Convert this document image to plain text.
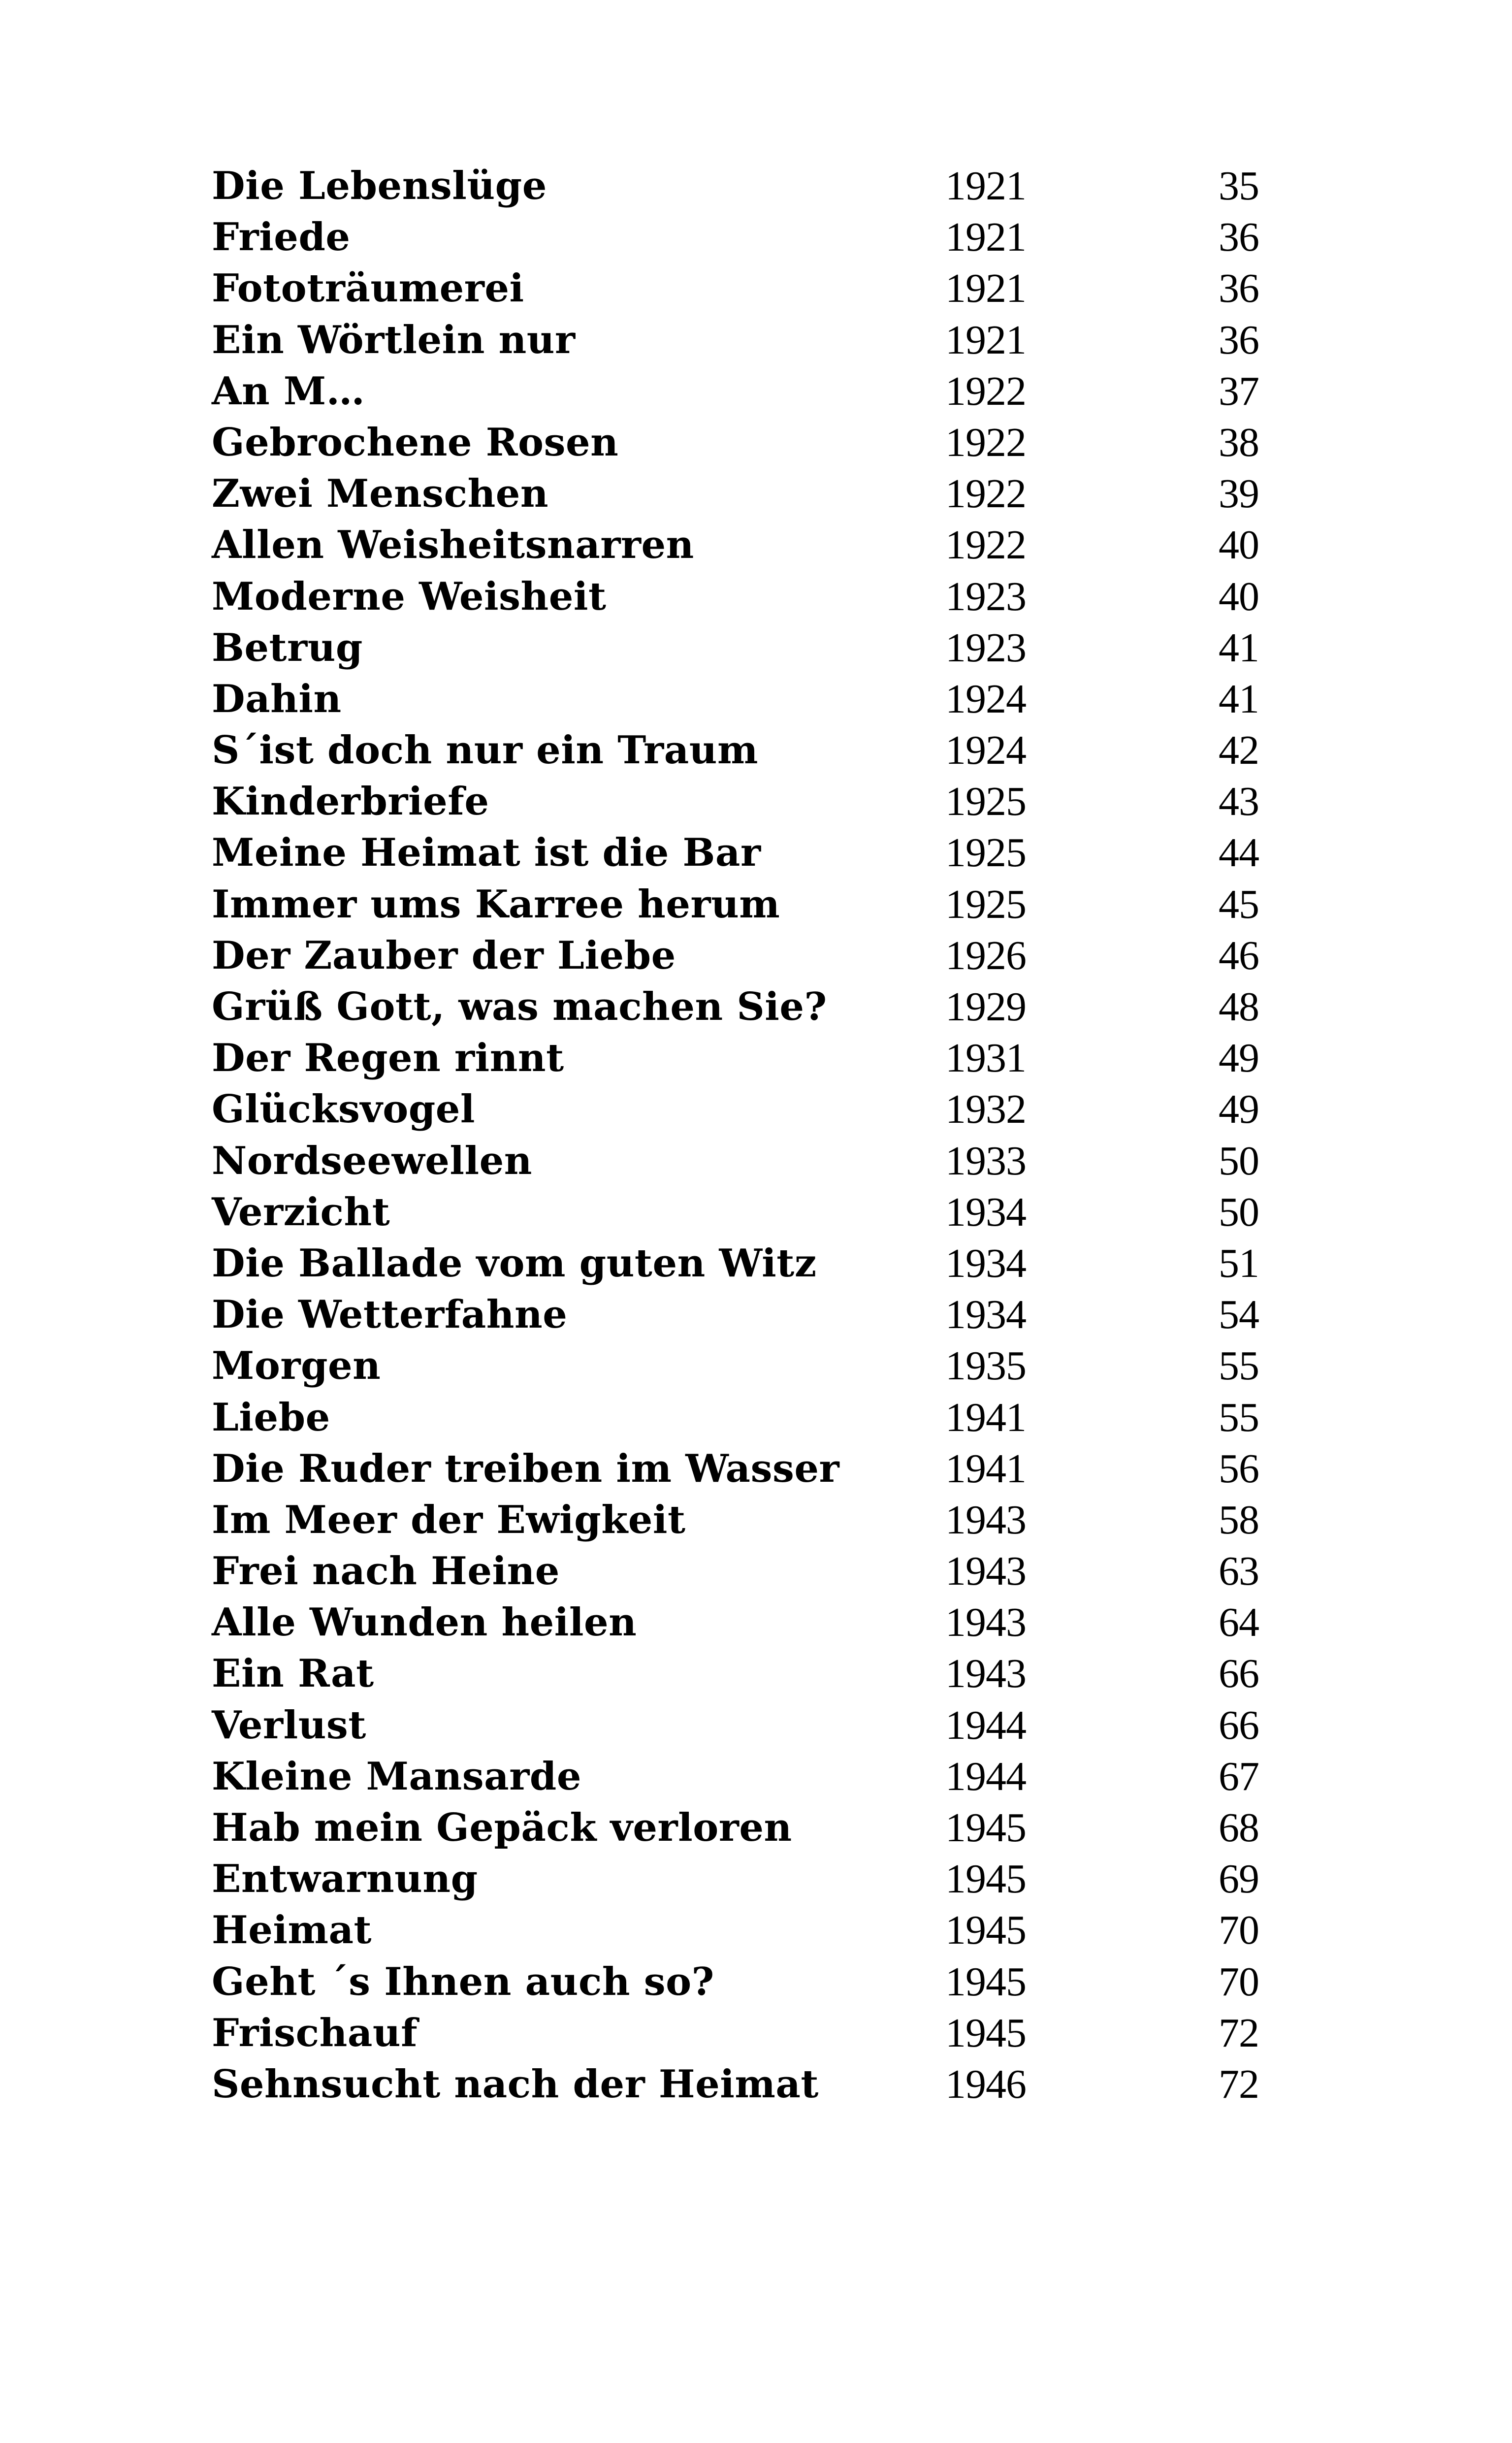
Die Lebenslüge	1921	35
Friede	1921	36
Fototräumerei	1921	36
Ein Wörtlein nur	1921	36
An M…	1922	37
Gebrochene Rosen	1922	38
Zwei Menschen	1922	39
Allen Weisheitsnarren	1922	40
Moderne Weisheit	1923	40
Betrug	1923	41
Dahin	1924	41
S´ist doch nur ein Traum	1924	42
Kinderbriefe	1925	43
Meine Heimat ist die Bar	1925	44
Immer ums Karree herum	1925	45
Der Zauber der Liebe	1926	46
Grüß Gott, was machen Sie?	1929	48
Der Regen rinnt	1931	49
Glücksvogel	1932	49
Nordseewellen	1933	50
Verzicht	1934	50
Die Ballade vom guten Witz	1934	51
Die Wetterfahne	1934	54
Morgen	1935	55
Liebe	1941	55
Die Ruder treiben im Wasser	1941	56
Im Meer der Ewigkeit	1943	58
Frei nach Heine	1943	63
Alle Wunden heilen	1943	64
Ein Rat	1943	66
Verlust	1944	66
Kleine Mansarde	1944	67
Hab mein Gepäck verloren	1945	68
Entwarnung	1945	69
Heimat	1945	70
Geht ´s Ihnen auch so?	1945	70
Frischauf	1945	72
Sehnsucht nach der Heimat	1946	72
